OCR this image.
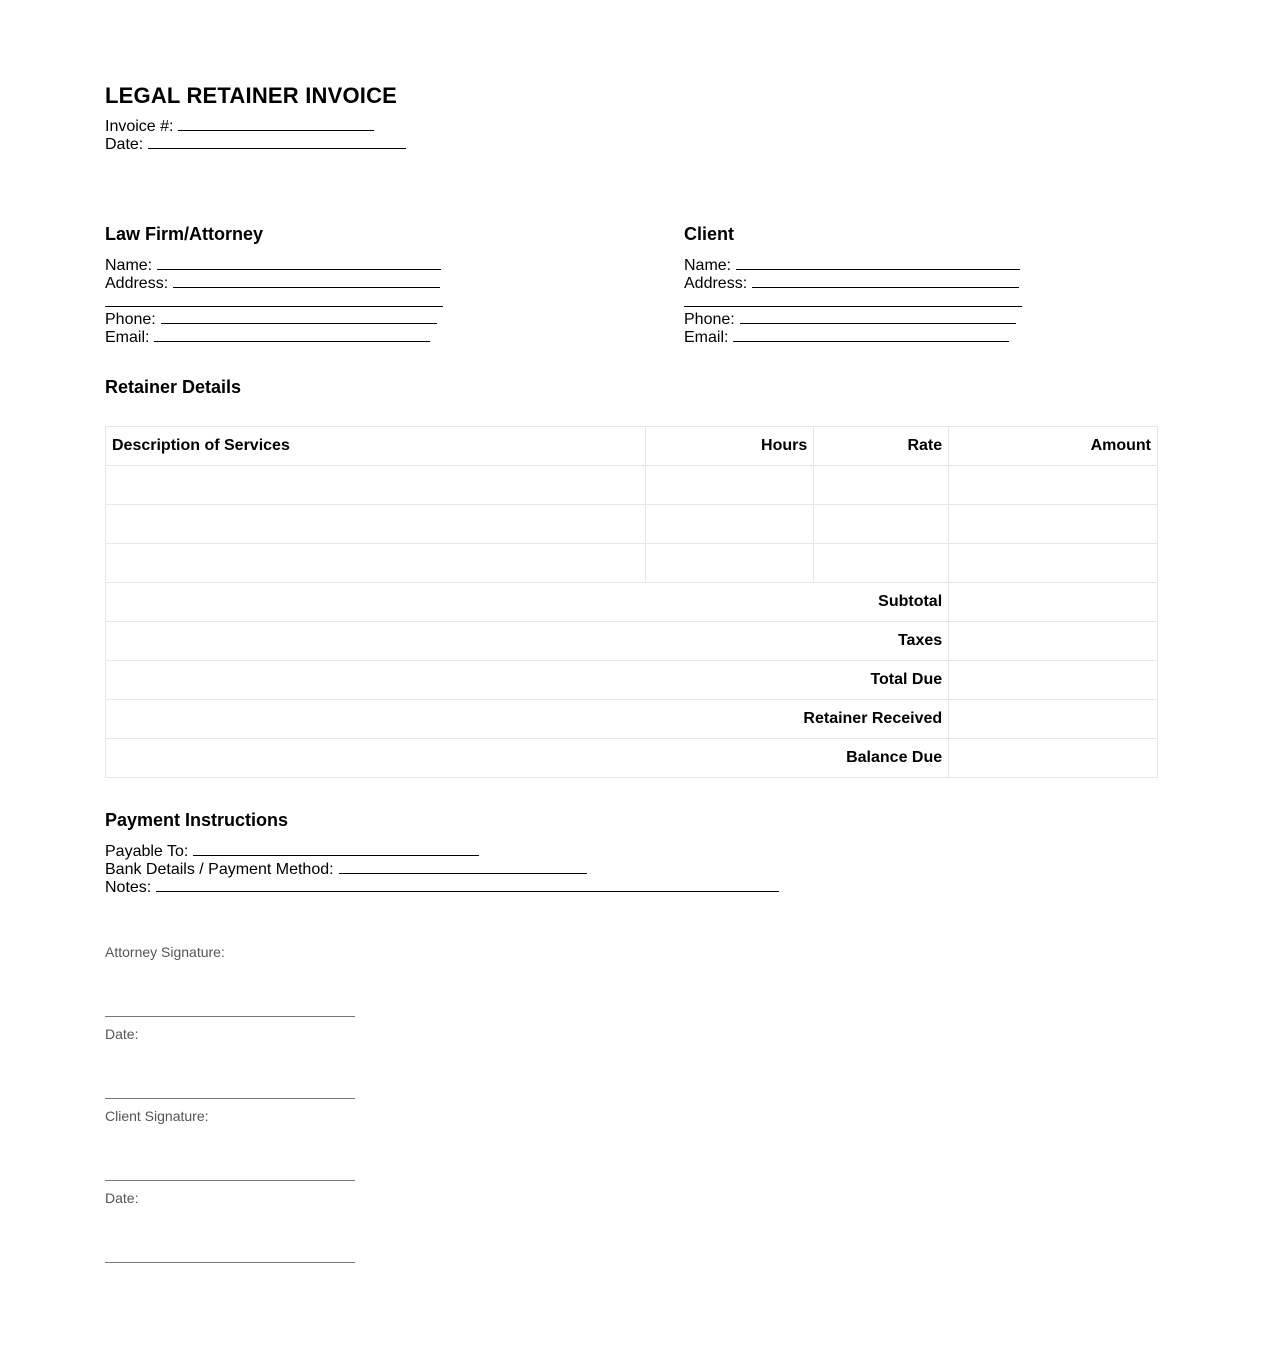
LEGAL RETAINER INVOICE
Invoice #:
Date:
Law Firm/Attorney
Name:
Address:
Phone:
Email:
Client
Name:
Address:
Phone:
Email:
Retainer Details
Description of Services	Hours	Rate	Amount

Subtotal			
Taxes			
Total Due			
Retainer Received			
Balance Due			
Payment Instructions
Payable To:
Bank Details / Payment Method:
Notes:
Attorney Signature:
Date:
Client Signature:
Date:
